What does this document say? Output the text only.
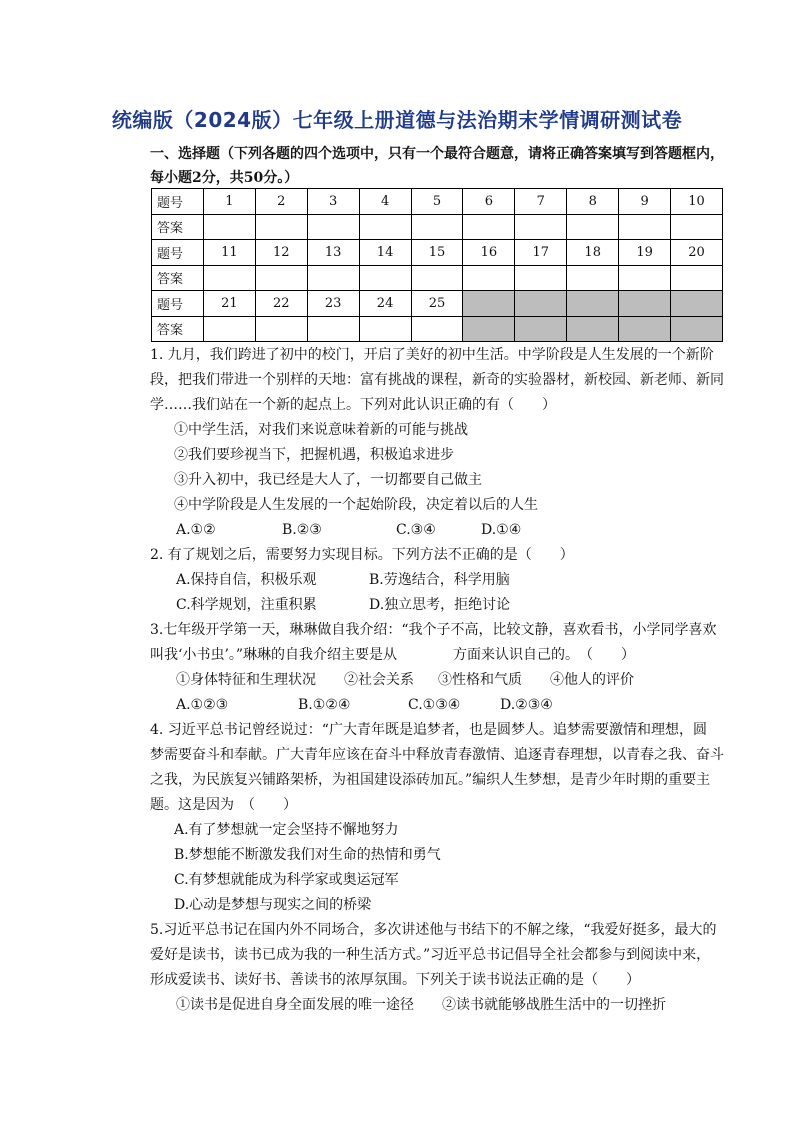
统编版（2024版）七年级上册道德与法治期末学情调研测试卷
一、选择题（下列各题的四个选项中，只有一个最符合题意，请将正确答案填写到答题框内，
每小题2分，共50分。）
题号	1	2	3	4	5	6	7	8	9	10
答案										
题号	11	12	13	14	15	16	17	18	19	20
答案										
题号	21	22	23	24	25					
答案										
1. 九月，我们跨进了初中的校门，开启了美好的初中生活。中学阶段是人生发展的一个新阶
段，把我们带进一个别样的天地：富有挑战的课程，新奇的实验器材，新校园、新老师、新同
学……我们站在一个新的起点上。下列对此认识正确的有（　　）
①中学生活，对我们来说意味着新的可能与挑战
②我们要珍视当下，把握机遇，积极追求进步
③升入初中，我已经是大人了，一切都要自己做主
④中学阶段是人生发展的一个起始阶段，决定着以后的人生
A.①②	B.②③	C.③④	D.①④
2. 有了规划之后，需要努力实现目标。下列方法不正确的是（　　）
A.保持自信，积极乐观	B.劳逸结合，科学用脑
C.科学规划，注重积累	D.独立思考，拒绝讨论
3.七年级开学第一天，琳琳做自我介绍：“我个子不高，比较文静，喜欢看书，小学同学喜欢
叫我‘小书虫’。”琳琳的自我介绍主要是从　　　　方面来认识自己的。　（　　）
①身体特征和生理状况	②社会关系	③性格和气质	④他人的评价
A.①②③	B.①②④	C.①③④	D.②③④
4. 习近平总书记曾经说过：“广大青年既是追梦者，也是圆梦人。追梦需要激情和理想，圆
梦需要奋斗和奉献。广大青年应该在奋斗中释放青春激情、追逐青春理想，以青春之我、奋斗
之我，为民族复兴铺路架桥，为祖国建设添砖加瓦。”编织人生梦想，是青少年时期的重要主
题。这是因为　（　　）
A.有了梦想就一定会坚持不懈地努力
B.梦想能不断激发我们对生命的热情和勇气
C.有梦想就能成为科学家或奥运冠军
D.心动是梦想与现实之间的桥梁
5.习近平总书记在国内外不同场合，多次讲述他与书结下的不解之缘，“我爱好挺多，最大的
爱好是读书，读书已成为我的一种生活方式。”习近平总书记倡导全社会都参与到阅读中来，
形成爱读书、读好书、善读书的浓厚氛围。下列关于读书说法正确的是（　　）
①读书是促进自身全面发展的唯一途径	②读书就能够战胜生活中的一切挫折
